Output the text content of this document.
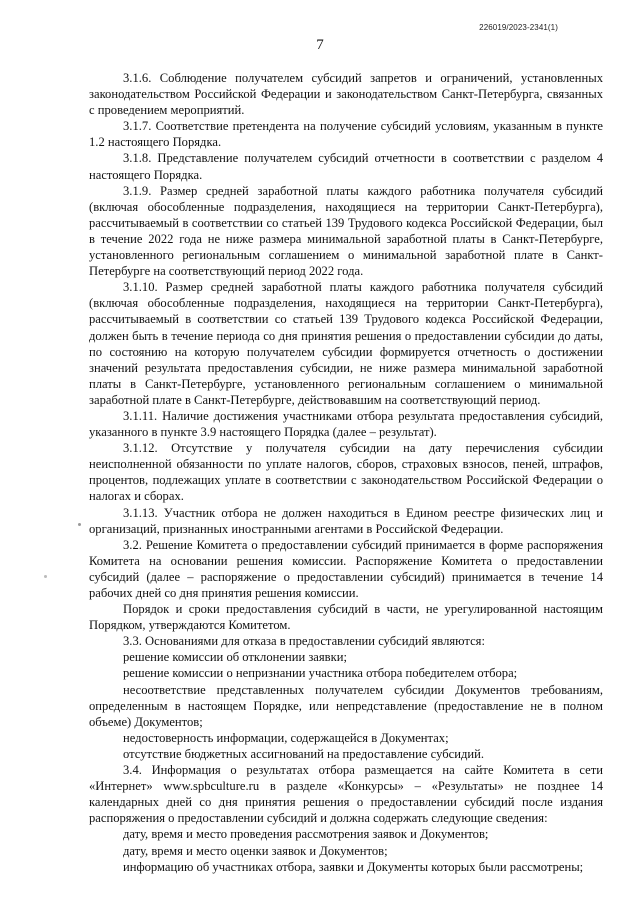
226019/2023-2341(1)
7

3.1.6. Соблюдение получателем субсидий запретов и ограничений, установленных законодательством Российской Федерации и законодательством Санкт-Петербурга, связанных с проведением мероприятий.

3.1.7. Соответствие претендента на получение субсидий условиям, указанным в пункте 1.2 настоящего Порядка.

3.1.8. Представление получателем субсидий отчетности в соответствии с разделом 4 настоящего Порядка.

3.1.9. Размер средней заработной платы каждого работника получателя субсидий (включая обособленные подразделения, находящиеся на территории Санкт-Петербурга), рассчитываемый в соответствии со статьей 139 Трудового кодекса Российской Федерации, был в течение 2022 года не ниже размера минимальной заработной платы в Санкт-Петербурге, установленного региональным соглашением о минимальной заработной плате в Санкт-Петербурге на соответствующий период 2022 года.

3.1.10. Размер средней заработной платы каждого работника получателя субсидий (включая обособленные подразделения, находящиеся на территории Санкт-Петербурга), рассчитываемый в соответствии со статьей 139 Трудового кодекса Российской Федерации, должен быть в течение периода со дня принятия решения о предоставлении субсидии до даты, по состоянию на которую получателем субсидии формируется отчетность о достижении значений результата предоставления субсидии, не ниже размера минимальной заработной платы в Санкт-Петербурге, установленного региональным соглашением о минимальной заработной плате в Санкт-Петербурге, действовавшим на соответствующий период.

3.1.11. Наличие достижения участниками отбора результата предоставления субсидий, указанного в пункте 3.9 настоящего Порядка (далее – результат).

3.1.12. Отсутствие у получателя субсидии на дату перечисления субсидии неисполненной обязанности по уплате налогов, сборов, страховых взносов, пеней, штрафов, процентов, подлежащих уплате в соответствии с законодательством Российской Федерации о налогах и сборах.

3.1.13. Участник отбора не должен находиться в Едином реестре физических лиц и организаций, признанных иностранными агентами в Российской Федерации.

3.2. Решение Комитета о предоставлении субсидий принимается в форме распоряжения Комитета на основании решения комиссии. Распоряжение Комитета о предоставлении субсидий (далее – распоряжение о предоставлении субсидий) принимается в течение 14 рабочих дней со дня принятия решения комиссии.

Порядок и сроки предоставления субсидий в части, не урегулированной настоящим Порядком, утверждаются Комитетом.

3.3. Основаниями для отказа в предоставлении субсидий являются:

решение комиссии об отклонении заявки;

решение комиссии о непризнании участника отбора победителем отбора;

несоответствие представленных получателем субсидии Документов требованиям, определенным в настоящем Порядке, или непредставление (предоставление не в полном объеме) Документов;

недостоверность информации, содержащейся в Документах;

отсутствие бюджетных ассигнований на предоставление субсидий.

3.4. Информация о результатах отбора размещается на сайте Комитета в сети «Интернет» www.spbculture.ru в разделе «Конкурсы» – «Результаты» не позднее 14 календарных дней со дня принятия решения о предоставлении субсидий после издания распоряжения о предоставлении субсидий и должна содержать следующие сведения:

дату, время и место проведения рассмотрения заявок и Документов;

дату, время и место оценки заявок и Документов;

информацию об участниках отбора, заявки и Документы которых были рассмотрены;
